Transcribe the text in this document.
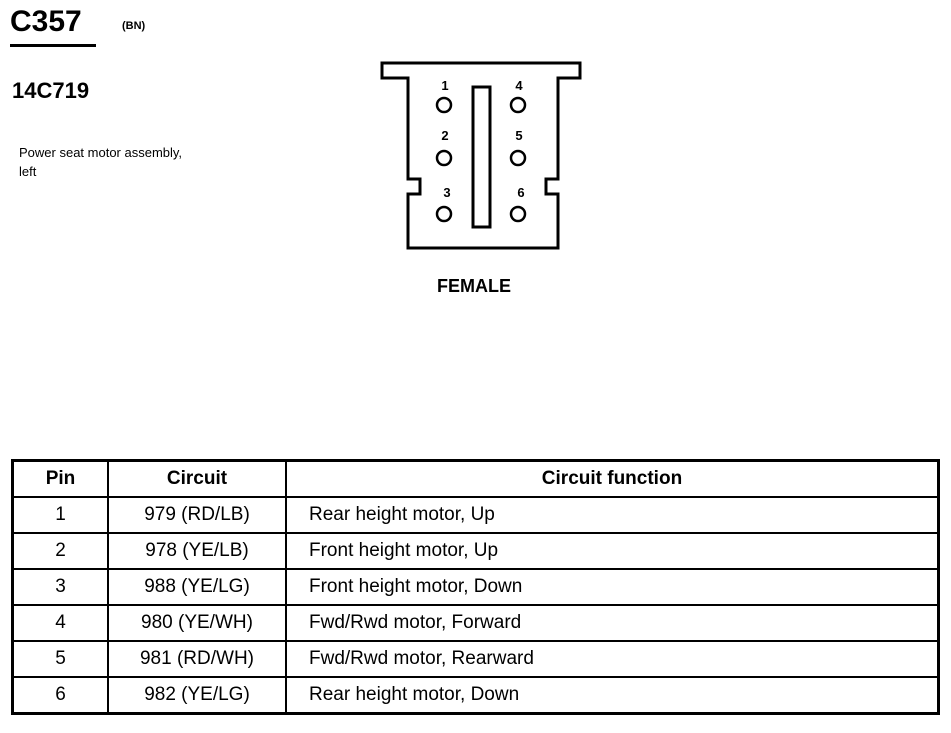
C357	(BN)
14C719
Power seat motor assembly, left
1	4
2	5
3	6
FEMALE
Pin	Circuit	Circuit function
1	979 (RD/LB)	Rear height motor, Up
2	978 (YE/LB)	Front height motor, Up
3	988 (YE/LG)	Front height motor, Down
4	980 (YE/WH)	Fwd/Rwd motor, Forward
5	981 (RD/WH)	Fwd/Rwd motor, Rearward
6	982 (YE/LG)	Rear height motor, Down
